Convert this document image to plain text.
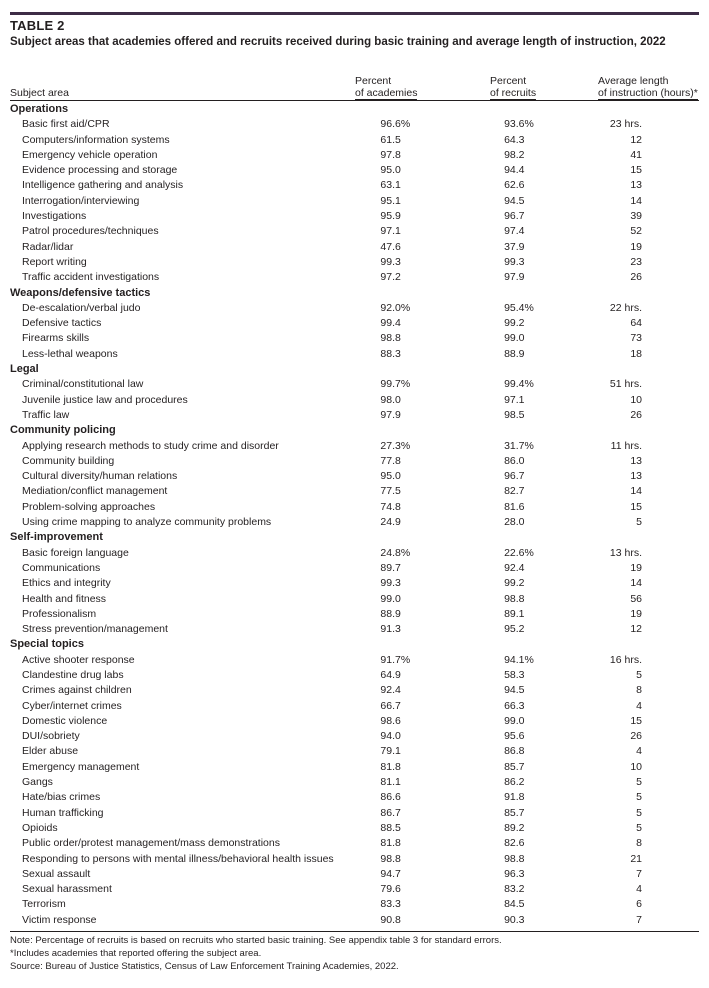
TABLE 2
Subject areas that academies offered and recruits received during basic training and average length of instruction, 2022
Subject area
Percent
of academies
Percent
of recruits
Average length
of instruction (hours)*
Operations			
Basic first aid/CPR	96.6%	93.6%	23 hrs.
Computers/information systems	61.5	64.3	12
Emergency vehicle operation	97.8	98.2	41
Evidence processing and storage	95.0	94.4	15
Intelligence gathering and analysis	63.1	62.6	13
Interrogation/interviewing	95.1	94.5	14
Investigations	95.9	96.7	39
Patrol procedures/techniques	97.1	97.4	52
Radar/lidar	47.6	37.9	19
Report writing	99.3	99.3	23
Traffic accident investigations	97.2	97.9	26
Weapons/defensive tactics			
De-escalation/verbal judo	92.0%	95.4%	22 hrs.
Defensive tactics	99.4	99.2	64
Firearms skills	98.8	99.0	73
Less-lethal weapons	88.3	88.9	18
Legal			
Criminal/constitutional law	99.7%	99.4%	51 hrs.
Juvenile justice law and procedures	98.0	97.1	10
Traffic law	97.9	98.5	26
Community policing			
Applying research methods to study crime and disorder	27.3%	31.7%	11 hrs.
Community building	77.8	86.0	13
Cultural diversity/human relations	95.0	96.7	13
Mediation/conflict management	77.5	82.7	14
Problem-solving approaches	74.8	81.6	15
Using crime mapping to analyze community problems	24.9	28.0	5
Self-improvement			
Basic foreign language	24.8%	22.6%	13 hrs.
Communications	89.7	92.4	19
Ethics and integrity	99.3	99.2	14
Health and fitness	99.0	98.8	56
Professionalism	88.9	89.1	19
Stress prevention/management	91.3	95.2	12
Special topics			
Active shooter response	91.7%	94.1%	16 hrs.
Clandestine drug labs	64.9	58.3	5
Crimes against children	92.4	94.5	8
Cyber/internet crimes	66.7	66.3	4
Domestic violence	98.6	99.0	15
DUI/sobriety	94.0	95.6	26
Elder abuse	79.1	86.8	4
Emergency management	81.8	85.7	10
Gangs	81.1	86.2	5
Hate/bias crimes	86.6	91.8	5
Human trafficking	86.7	85.7	5
Opioids	88.5	89.2	5
Public order/protest management/mass demonstrations	81.8	82.6	8
Responding to persons with mental illness/behavioral health issues	98.8	98.8	21
Sexual assault	94.7	96.3	7
Sexual harassment	79.6	83.2	4
Terrorism	83.3	84.5	6
Victim response	90.8	90.3	7
Note: Percentage of recruits is based on recruits who started basic training. See appendix table 3 for standard errors.
*Includes academies that reported offering the subject area.
Source: Bureau of Justice Statistics, Census of Law Enforcement Training Academies, 2022.
